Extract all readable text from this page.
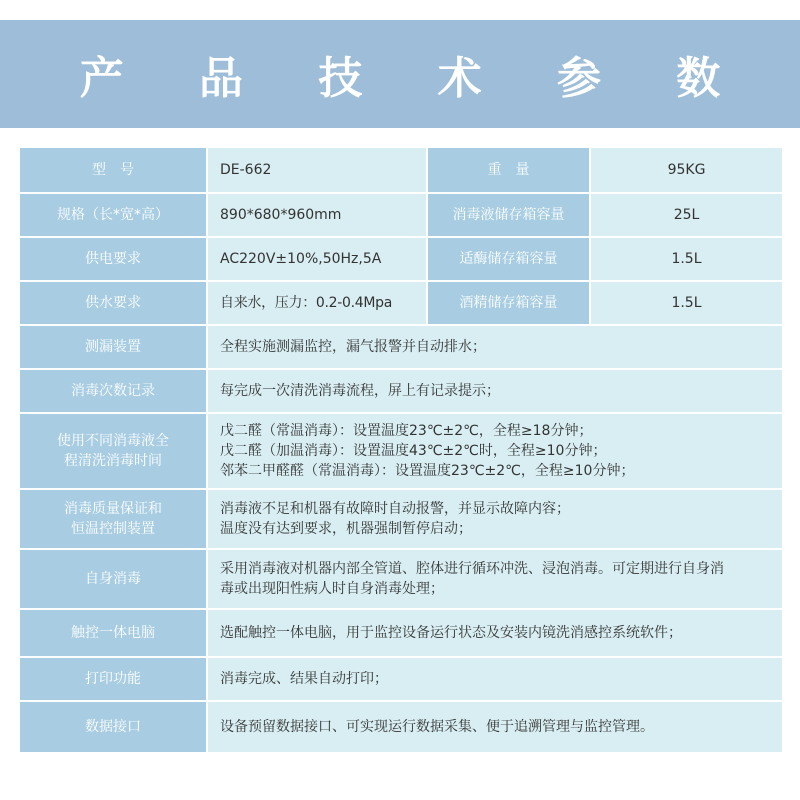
产 品 技 术 参 数
型　号	DE-662	重　量	95KG
规格（长*宽*高）	890*680*960mm	消毒液储存箱容量	25L
供电要求	AC220V±10%,50Hz,5A	适酶储存箱容量	1.5L
供水要求	自来水，压力：0.2-0.4Mpa	酒精储存箱容量	1.5L

测漏装置	全程实施测漏监控，漏气报警并自动排水；		

消毒次数记录	每完成一次清洗消毒流程，屏上有记录提示；		

使用不同消毒液全
程清洗消毒时间	戊二醛（常温消毒）：设置温度23℃±2℃，全程≥18分钟；
戊二醛（加温消毒）：设置温度43℃±2℃时，全程≥10分钟；
邻苯二甲醛醛（常温消毒）：设置温度23℃±2℃，全程≥10分钟；		

消毒质量保证和
恒温控制装置	消毒液不足和机器有故障时自动报警，并显示故障内容；
温度没有达到要求，机器强制暂停启动；		

自身消毒	采用消毒液对机器内部全管道、腔体进行循环冲洗、浸泡消毒。可定期进行自身消
毒或出现阳性病人时自身消毒处理；		

触控一体电脑	选配触控一体电脑，用于监控设备运行状态及安装内镜洗消感控系统软件；		

打印功能	消毒完成、结果自动打印；		

数据接口	设备预留数据接口、可实现运行数据采集、便于追溯管理与监控管理。		
